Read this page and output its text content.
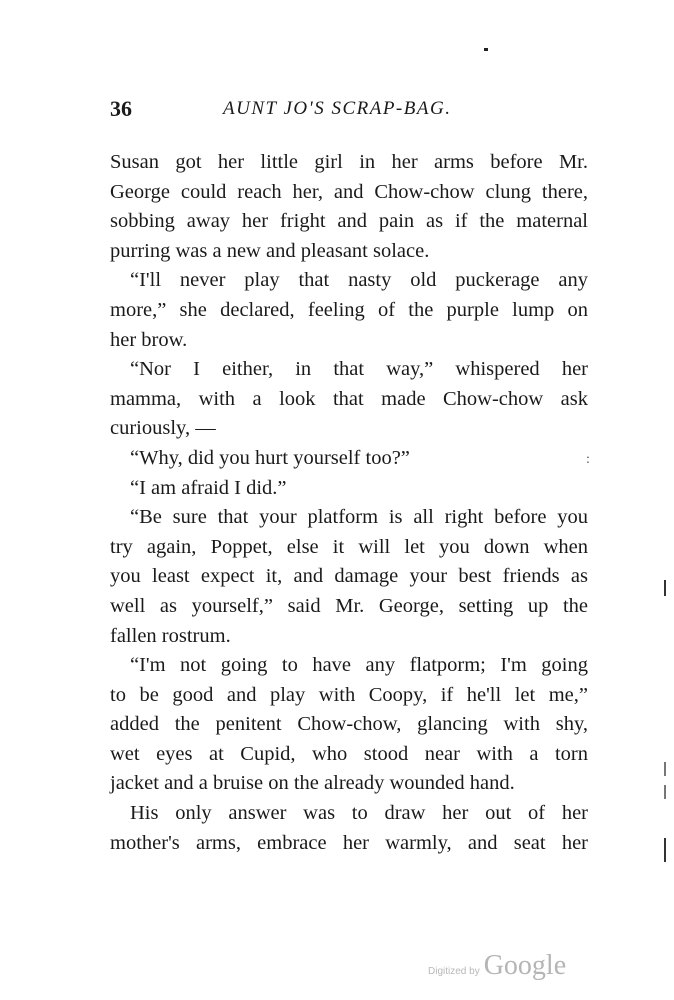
36	AUNT JO'S SCRAP-BAG.
Susan got her little girl in her arms before Mr.
George could reach her, and Chow-chow clung there,
sobbing away her fright and pain as if the maternal
purring was a new and pleasant solace.
“I'll never play that nasty old puckerage any
more,” she declared, feeling of the purple lump on
her brow.
“Nor I either, in that way,” whispered her
mamma, with a look that made Chow-chow ask
curiously, —
“Why, did you hurt yourself too?”
“I am afraid I did.”
“Be sure that your platform is all right before you
try again, Poppet, else it will let you down when
you least expect it, and damage your best friends as
well as yourself,” said Mr. George, setting up the
fallen rostrum.
“I'm not going to have any flatporm; I'm going
to be good and play with Coopy, if he'll let me,”
added the penitent Chow-chow, glancing with shy,
wet eyes at Cupid, who stood near with a torn
jacket and a bruise on the already wounded hand.
His only answer was to draw her out of her
mother's arms, embrace her warmly, and seat her
:
Digitized by Google
